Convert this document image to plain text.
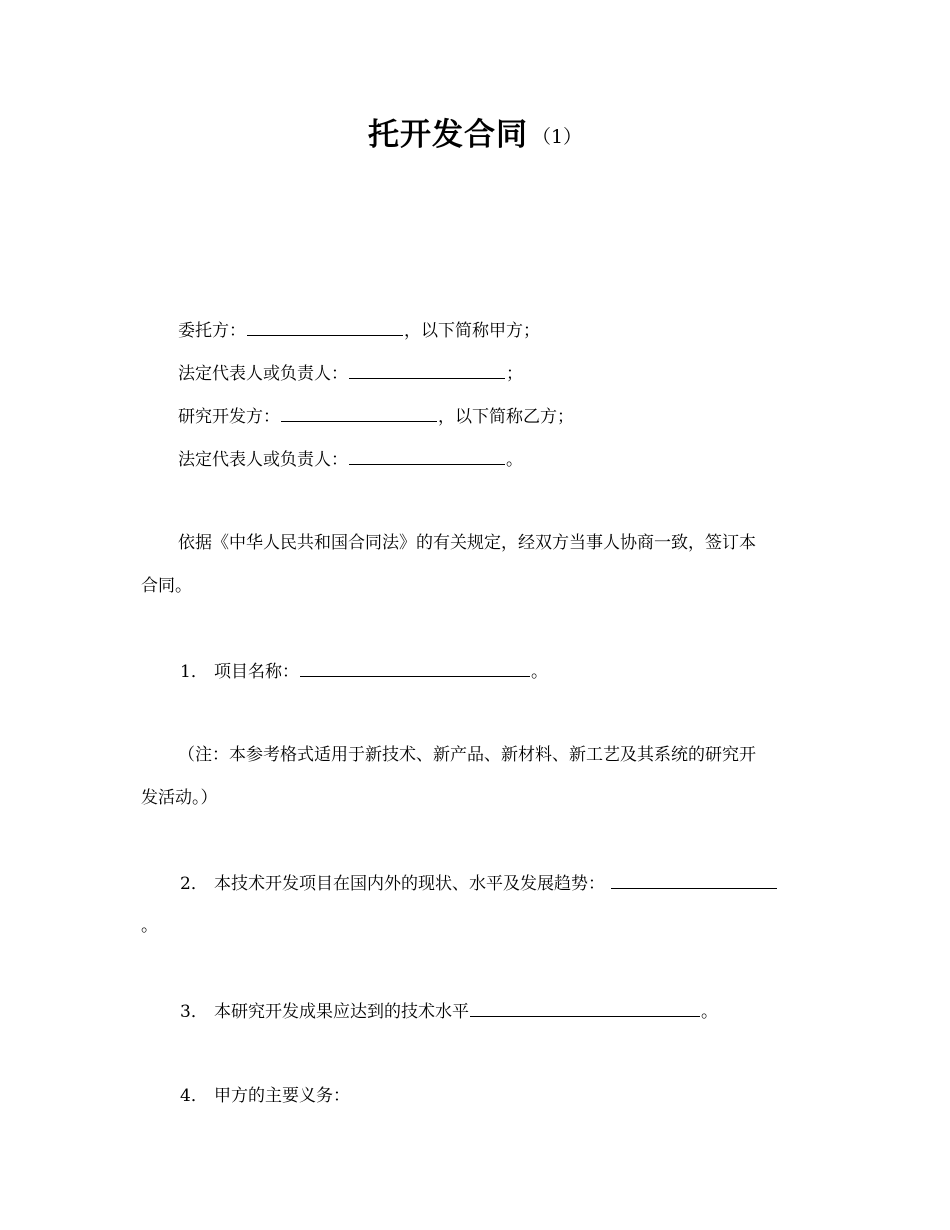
托开发合同 （1）
委托方：	，以下简称甲方；
法定代表人或负责人：	；
研究开发方：	，以下简称乙方；
法定代表人或负责人：	。
依据《中华人民共和国合同法》的有关规定，经双方当事人协商一致，签订本
合同。
1． 项目名称：	。
（注：本参考格式适用于新技术、新产品、新材料、新工艺及其系统的研究开
发活动。）
2． 本技术开发项目在国内外的现状、水平及发展趋势：
。
3． 本研究开发成果应达到的技术水平	。
4． 甲方的主要义务：
